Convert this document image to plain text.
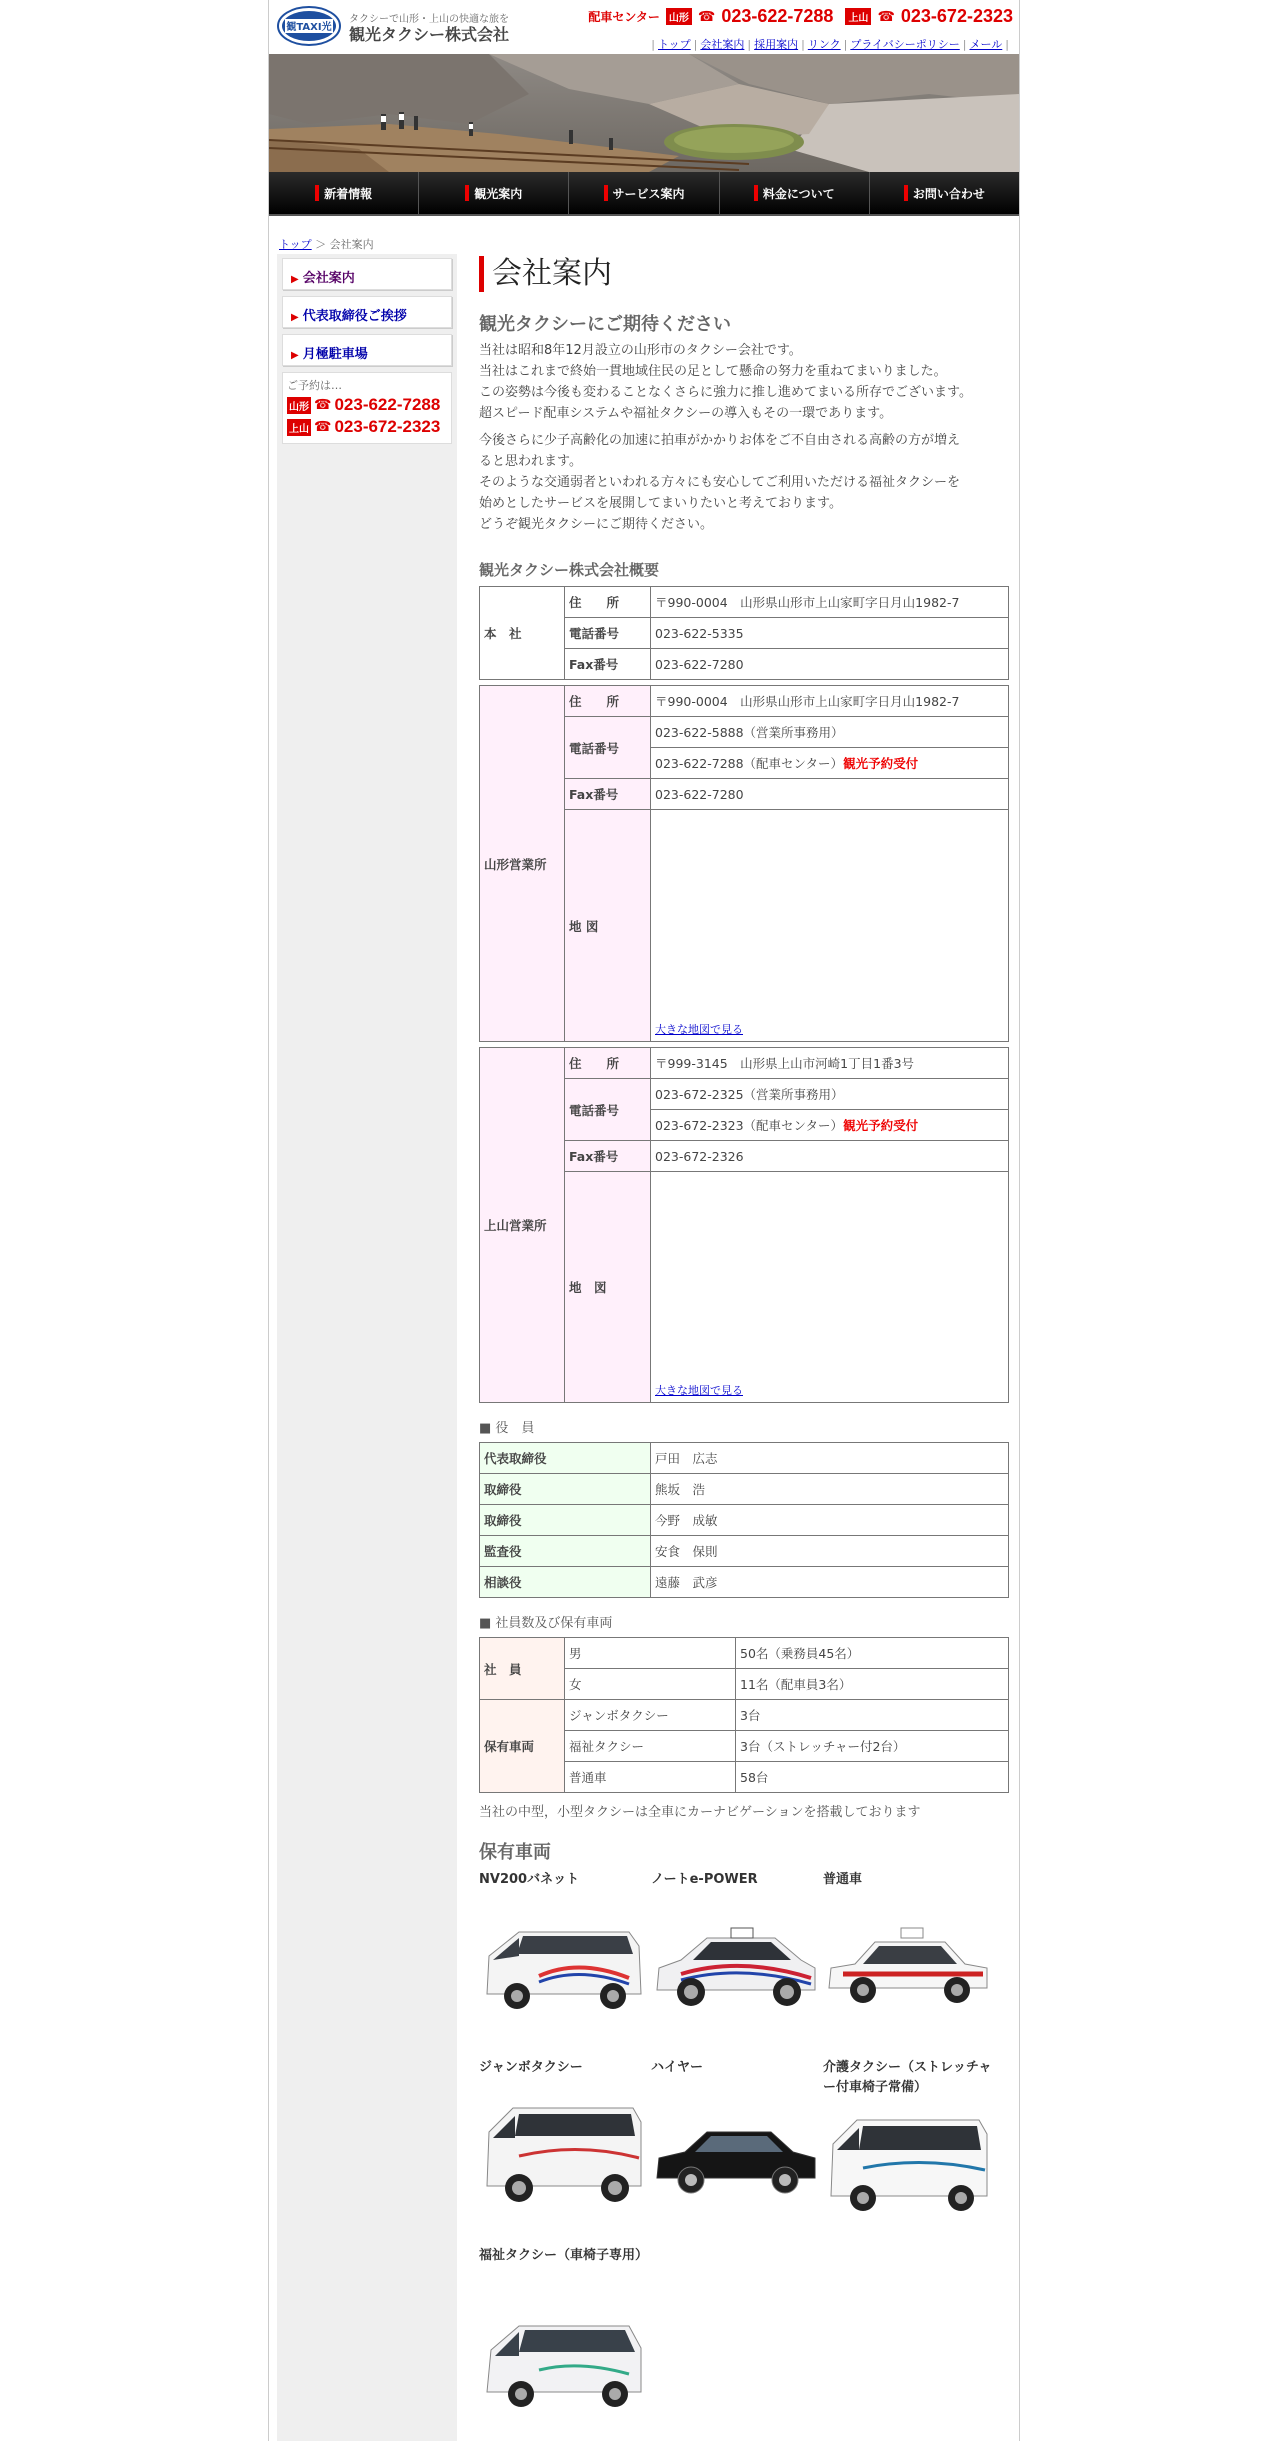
観TAXI光
タクシーで山形・上山の快適な旅を
観光タクシー株式会社
配車センター 山形 ☎ 023-622-7288	上山 ☎ 023-672-2323
| トップ | 会社案内 | 採用案内 | リンク | プライバシーポリシー | メール |
新着情報	観光案内	サービス案内	料金について	お問い合わせ
トップ ＞ 会社案内
▶ 会社案内
▶ 代表取締役ご挨拶
▶ 月極駐車場
ご予約は…
山形 ☎ 023-622-7288
上山 ☎ 023-672-2323
会社案内
観光タクシーにご期待ください
当社は昭和8年12月設立の山形市のタクシー会社です。
当社はこれまで終始一貫地域住民の足として懸命の努力を重ねてまいりました。
この姿勢は今後も変わることなくさらに強力に推し進めてまいる所存でございます。
超スピード配車システムや福祉タクシーの導入もその一環であります。
今後さらに少子高齢化の加速に拍車がかかりお体をご不自由される高齢の方が増え
ると思われます。
そのような交通弱者といわれる方々にも安心してご利用いただける福祉タクシーを
始めとしたサービスを展開してまいりたいと考えております。
どうぞ観光タクシーにご期待ください。
観光タクシー株式会社概要
本　社	住　　所	〒990-0004　山形県山形市上山家町字日月山1982-7
	電話番号	023-622-5335
	Fax番号	023-622-7280
山形営業所	住　　所	〒990-0004　山形県山形市上山家町字日月山1982-7
	電話番号	023-622-5888（営業所事務用）
		023-622-7288（配車センター）観光予約受付
	Fax番号	023-622-7280
	地 図	大きな地図で見る
上山営業所	住　　所	〒999-3145　山形県上山市河崎1丁目1番3号
	電話番号	023-672-2325（営業所事務用）
		023-672-2323（配車センター）観光予約受付
	Fax番号	023-672-2326
	地　図	大きな地図で見る
■ 役　員
代表取締役	戸田　広志
取締役	熊坂　浩
取締役	今野　成敏
監査役	安食　保則
相談役	遠藤　武彦
■ 社員数及び保有車両
社　員	男	50名（乗務員45名）
	女	11名（配車員3名）
保有車両	ジャンボタクシー	3台
	福祉タクシー	3台（ストレッチャー付2台）
	普通車	58台
当社の中型，小型タクシーは全車にカーナビゲーションを搭載しております
保有車両
NV200バネット	ノートe-POWER	普通車
ジャンボタクシー	ハイヤー	介護タクシー（ストレッチャー付車椅子常備）
福祉タクシー（車椅子専用）
